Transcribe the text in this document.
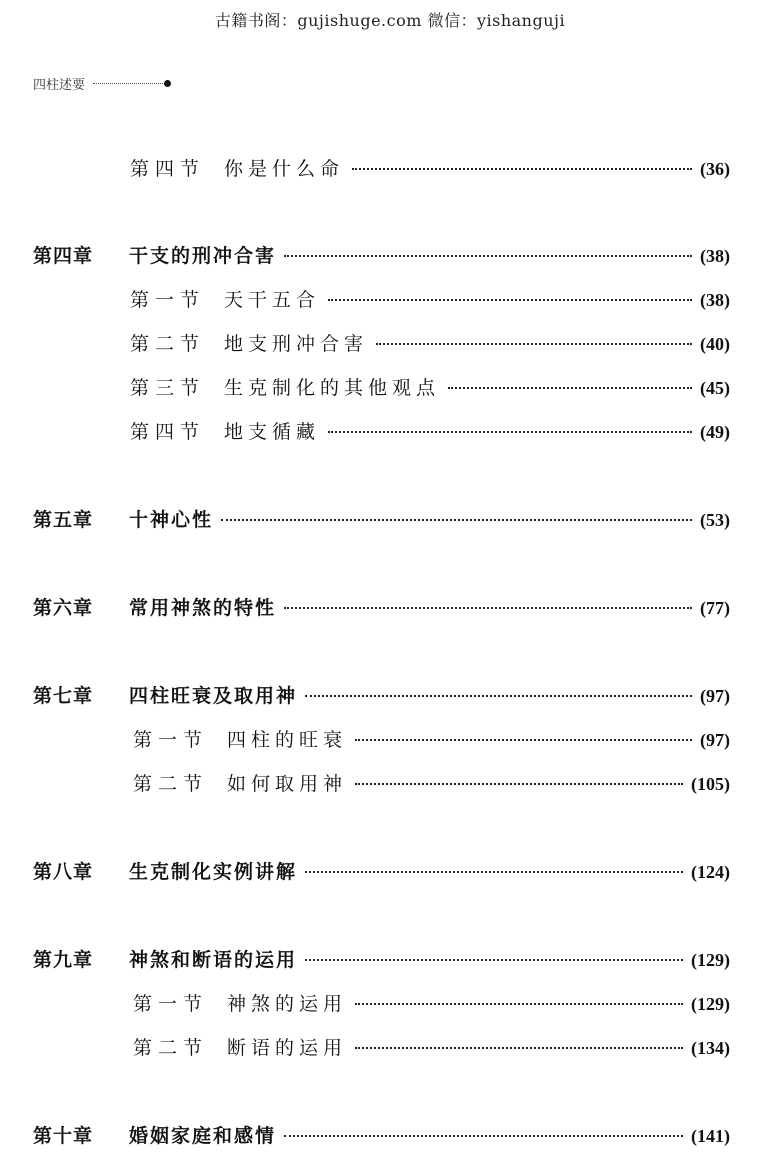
古籍书阁：gujishuge.com 微信：yishanguji
四柱述要
第四节 你是什么命	(36)
第四章	干支的刑冲合害	(38)
第一节 天干五合	(38)
第二节 地支刑冲合害	(40)
第三节 生克制化的其他观点	(45)
第四节 地支循藏	(49)
第五章	十神心性	(53)
第六章	常用神煞的特性	(77)
第七章	四柱旺衰及取用神	(97)
第一节 四柱的旺衰	(97)
第二节 如何取用神	(105)
第八章	生克制化实例讲解	(124)
第九章	神煞和断语的运用	(129)
第一节 神煞的运用	(129)
第二节 断语的运用	(134)
第十章	婚姻家庭和感情	(141)
